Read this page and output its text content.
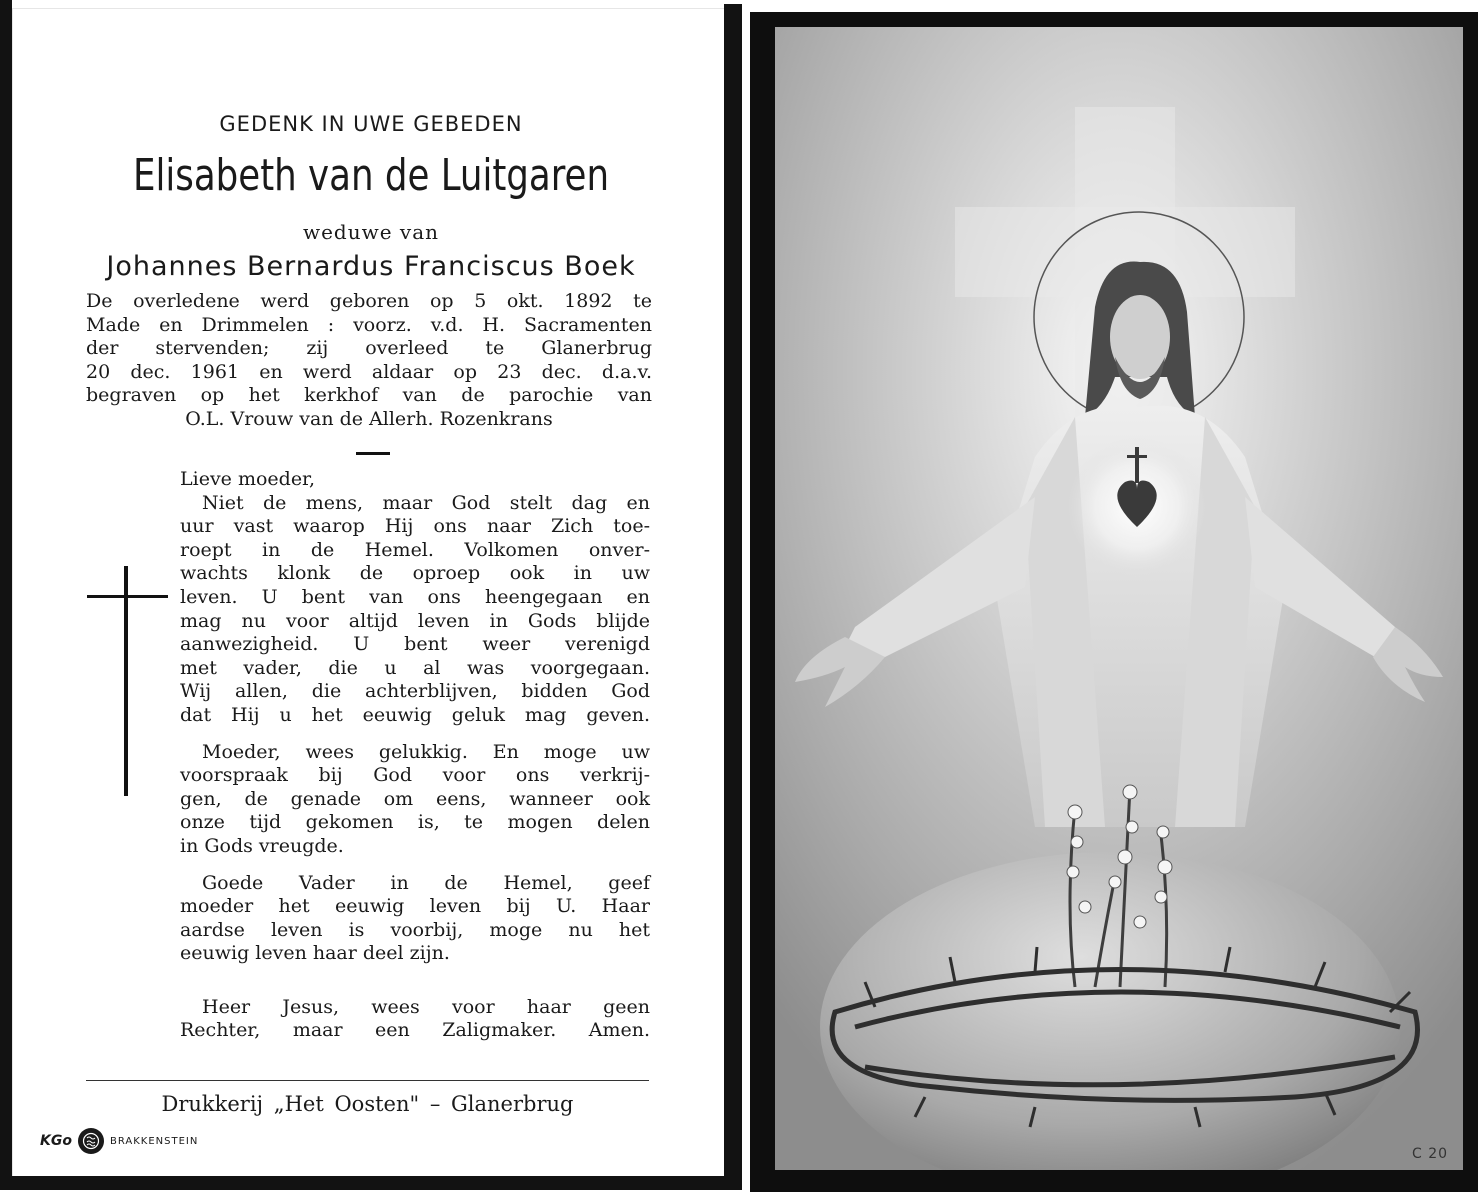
GEDENK IN UWE GEBEDEN
Elisabeth van de Luitgaren
weduwe van
Johannes Bernardus Franciscus Boek
De overledene werd geboren op 5 okt. 1892 te
Made en Drimmelen : voorz. v.d. H. Sacramenten
der stervenden; zij overleed te Glanerbrug
20 dec. 1961 en werd aldaar op 23 dec. d.a.v.
begraven op het kerkhof van de parochie van
O.L. Vrouw van de Allerh. Rozenkrans
Lieve moeder,
Niet de mens, maar God stelt dag en
uur vast waarop Hij ons naar Zich toe-
roept in de Hemel. Volkomen onver-
wachts klonk de oproep ook in uw
leven. U bent van ons heengegaan en
mag nu voor altijd leven in Gods blijde
aanwezigheid. U bent weer verenigd
met vader, die u al was voorgegaan.
Wij allen, die achterblijven, bidden God
dat Hij u het eeuwig geluk mag geven.
Moeder, wees gelukkig. En moge uw
voorspraak bij God voor ons verkrij-
gen, de genade om eens, wanneer ook
onze tijd gekomen is, te mogen delen
in Gods vreugde.
Goede Vader in de Hemel, geef
moeder het eeuwig leven bij U. Haar
aardse leven is voorbij, moge nu het
eeuwig leven haar deel zijn.
Heer Jesus, wees voor haar geen
Rechter, maar een Zaligmaker. Amen.
Drukkerij „Het Oosten" – Glanerbrug
KGo	BRAKKENSTEIN
C 20
